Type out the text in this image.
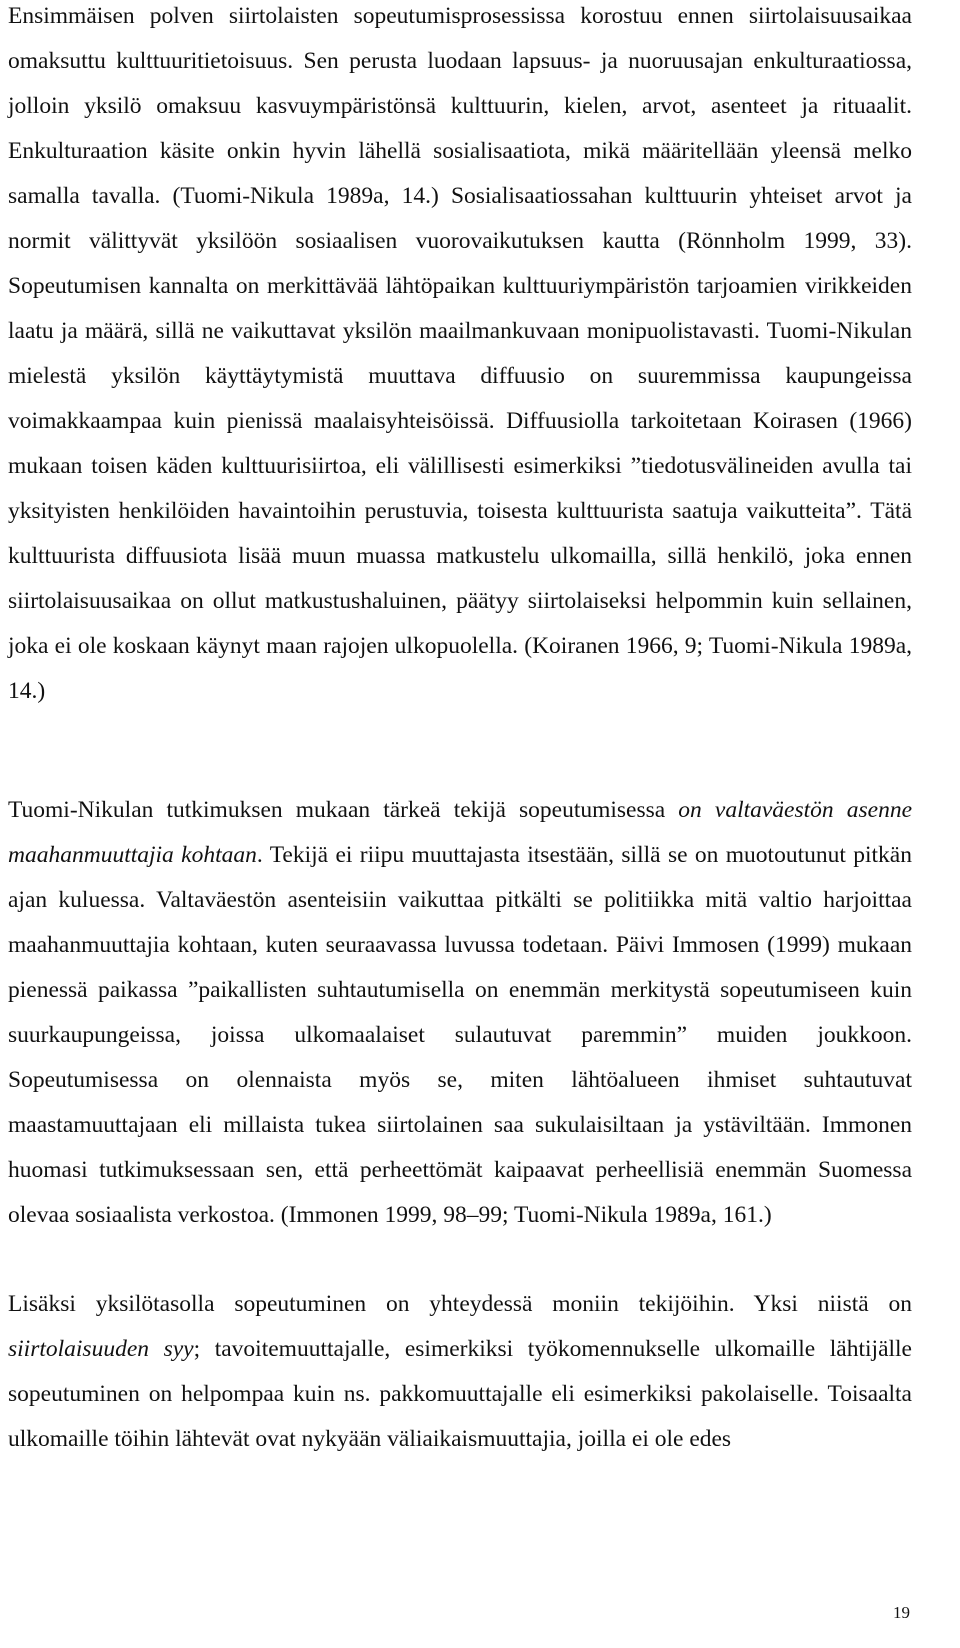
Ensimmäisen polven siirtolaisten sopeutumisprosessissa korostuu ennen siirtolaisuusaikaa omaksuttu kulttuuritietoisuus. Sen perusta luodaan lapsuus- ja nuoruusajan enkulturaatiossa, jolloin yksilö omaksuu kasvuympäristönsä kulttuurin, kielen, arvot, asenteet ja rituaalit. Enkulturaation käsite onkin hyvin lähellä sosialisaatiota, mikä määritellään yleensä melko samalla tavalla. (Tuomi-Nikula 1989a, 14.) Sosialisaatiossahan kulttuurin yhteiset arvot ja normit välittyvät yksilöön sosiaalisen vuorovaikutuksen kautta (Rönnholm 1999, 33). Sopeutumisen kannalta on merkittävää lähtöpaikan kulttuuriympäristön tarjoamien virikkeiden laatu ja määrä, sillä ne vaikuttavat yksilön maailmankuvaan monipuolistavasti. Tuomi-Nikulan mielestä yksilön käyttäytymistä muuttava diffuusio on suuremmissa kaupungeissa voimakkaampaa kuin pienissä maalaisyhteisöissä. Diffuusiolla tarkoitetaan Koirasen (1966) mukaan toisen käden kulttuurisiirtoa, eli välillisesti esimerkiksi ”tiedotusvälineiden avulla tai yksityisten henkilöiden havaintoihin perustuvia, toisesta kulttuurista saatuja vaikutteita”. Tätä kulttuurista diffuusiota lisää muun muassa matkustelu ulkomailla, sillä henkilö, joka ennen siirtolaisuusaikaa on ollut matkustushaluinen, päätyy siirtolaiseksi helpommin kuin sellainen, joka ei ole koskaan käynyt maan rajojen ulkopuolella. (Koiranen 1966, 9; Tuomi-Nikula 1989a, 14.)

Tuomi-Nikulan tutkimuksen mukaan tärkeä tekijä sopeutumisessa on valtaväestön asenne maahanmuuttajia kohtaan. Tekijä ei riipu muuttajasta itsestään, sillä se on muotoutunut pitkän ajan kuluessa. Valtaväestön asenteisiin vaikuttaa pitkälti se politiikka mitä valtio harjoittaa maahanmuuttajia kohtaan, kuten seuraavassa luvussa todetaan. Päivi Immosen (1999) mukaan pienessä paikassa ”paikallisten suhtautumisella on enemmän merkitystä sopeutumiseen kuin suurkaupungeissa, joissa ulkomaalaiset sulautuvat paremmin” muiden joukkoon. Sopeutumisessa on olennaista myös se, miten lähtöalueen ihmiset suhtautuvat maastamuuttajaan eli millaista tukea siirtolainen saa sukulaisiltaan ja ystäviltään. Immonen huomasi tutkimuksessaan sen, että perheettömät kaipaavat perheellisiä enemmän Suomessa olevaa sosiaalista verkostoa. (Immonen 1999, 98–99; Tuomi-Nikula 1989a, 161.)

Lisäksi yksilötasolla sopeutuminen on yhteydessä moniin tekijöihin. Yksi niistä on siirtolaisuuden syy; tavoitemuuttajalle, esimerkiksi työkomennukselle ulkomaille lähtijälle sopeutuminen on helpompaa kuin ns. pakkomuuttajalle eli esimerkiksi pakolaiselle. Toisaalta ulkomaille töihin lähtevät ovat nykyään väliaikaismuuttajia, joilla ei ole edes

19
